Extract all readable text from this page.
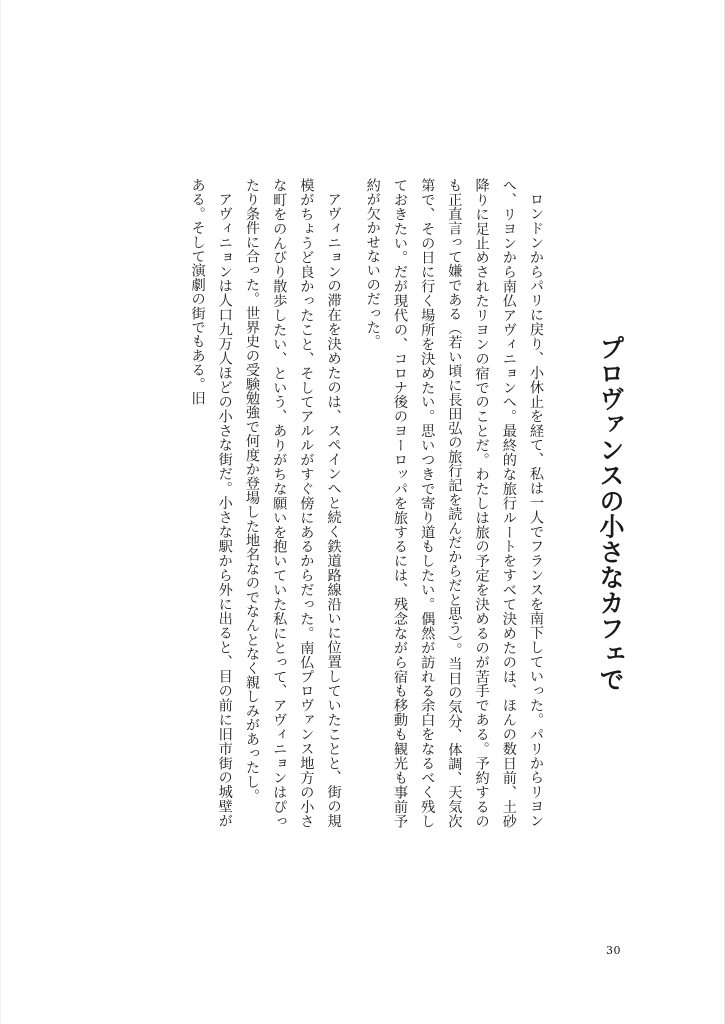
プロヴァンスの小さなカフェで

ロンドンからパリに戻り、小休止を経て、私は一人でフランスを南下していった。パリからリヨンへ、リヨンから南仏アヴィニョンへ。最終的な旅行ルートをすべて決めたのは、ほんの数日前、土砂降りに足止めされたリヨンの宿でのことだ。わたしは旅の予定を決めるのが苦手である。予約するのも正直言って嫌である（若い頃に長田弘の旅行記を読んだからだと思う）。当日の気分、体調、天気次第で、その日に行く場所を決めたい。思いつきで寄り道もしたい。偶然が訪れる余白をなるべく残しておきたい。だが現代の、コロナ後のヨーロッパを旅するには、残念ながら宿も移動も観光も事前予約が欠かせないのだった。

アヴィニョンの滞在を決めたのは、スペインへと続く鉄道路線沿いに位置していたことと、街の規模がちょうど良かったこと、そしてアルルがすぐ傍にあるからだった。南仏プロヴァンス地方の小さな町をのんびり散歩したい、という、ありがちな願いを抱いていた私にとって、アヴィニョンはぴったり条件に合った。世界史の受験勉強で何度か登場した地名なのでなんとなく親しみがあったし。

アヴィニョンは人口九万人ほどの小さな街だ。小さな駅から外に出ると、目の前に旧市街の城壁がある。そして演劇の街でもある。旧

30
